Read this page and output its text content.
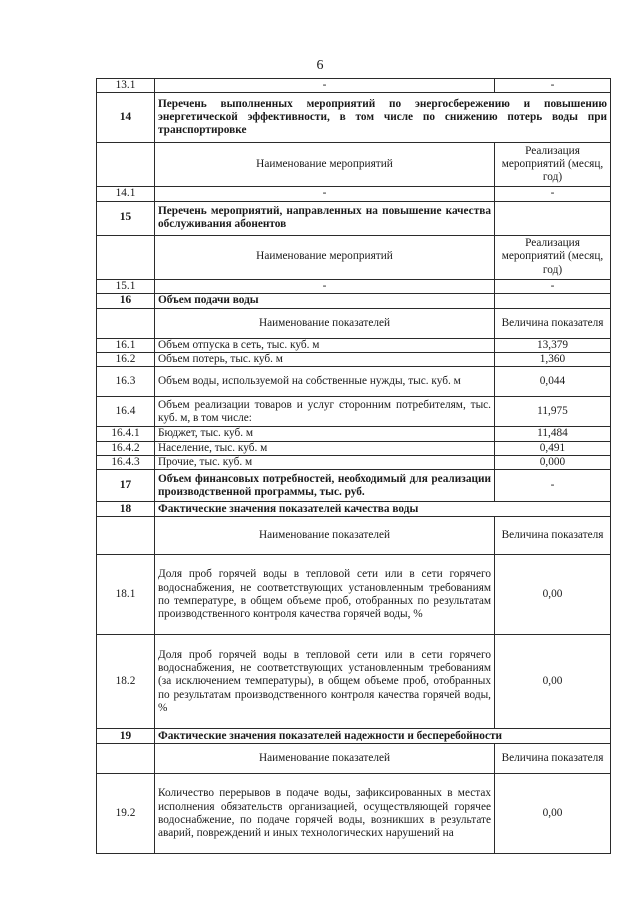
6
13.1	-	-
14	Перечень выполненных мероприятий по энергосбережению и повышению энергетической эффективности, в том числе по снижению потерь воды при транспортировке	
	Наименование мероприятий	Реализация мероприятий (месяц, год)
14.1	-	-
15	Перечень мероприятий, направленных на повышение качества обслуживания абонентов	
	Наименование мероприятий	Реализация мероприятий (месяц, год)
15.1	-	-
16	Объем подачи воды	
	Наименование показателей	Величина показателя
16.1	Объем отпуска в сеть, тыс. куб. м	13,379
16.2	Объем потерь, тыс. куб. м	1,360
16.3	Объем воды, используемой на собственные нужды, тыс. куб. м	0,044
16.4	Объем реализации товаров и услуг сторонним потребителям, тыс. куб. м, в том числе:	11,975
16.4.1	Бюджет, тыс. куб. м	11,484
16.4.2	Население, тыс. куб. м	0,491
16.4.3	Прочие, тыс. куб. м	0,000
17	Объем финансовых потребностей, необходимый для реализации производственной программы, тыс. руб.	-
18	Фактические значения показателей качества воды	
	Наименование показателей	Величина показателя
18.1	Доля проб горячей воды в тепловой сети или в сети горячего водоснабжения, не соответствующих установленным требованиям по температуре, в общем объеме проб, отобранных по результатам производственного контроля качества горячей воды, %	0,00
18.2	Доля проб горячей воды в тепловой сети или в сети горячего водоснабжения, не соответствующих установленным требованиям (за исключением температуры), в общем объеме проб, отобранных по результатам производственного контроля качества горячей воды, %	0,00
19	Фактические значения показателей надежности и бесперебойности	
	Наименование показателей	Величина показателя
19.2	Количество перерывов в подаче воды, зафиксированных в местах исполнения обязательств организацией, осуществляющей горячее водоснабжение, по подаче горячей воды, возникших в результате аварий, повреждений и иных технологических нарушений на	0,00
